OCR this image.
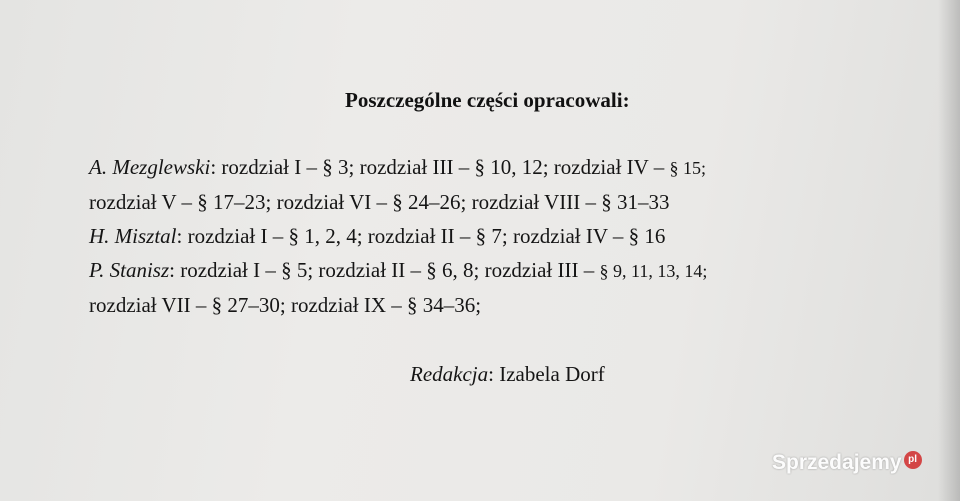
Poszczególne części opracowali:
A. Mezglewski: rozdział I – § 3; rozdział III – § 10, 12; rozdział IV – § 15;
rozdział V – § 17–23; rozdział VI – § 24–26; rozdział VIII – § 31–33
H. Misztal: rozdział I – § 1, 2, 4; rozdział II – § 7; rozdział IV – § 16
P. Stanisz: rozdział I – § 5; rozdział II – § 6, 8; rozdział III – § 9, 11, 13, 14;
rozdział VII – § 27–30; rozdział IX – § 34–36;
Redakcja: Izabela Dorf
Sprzedajemy pl
